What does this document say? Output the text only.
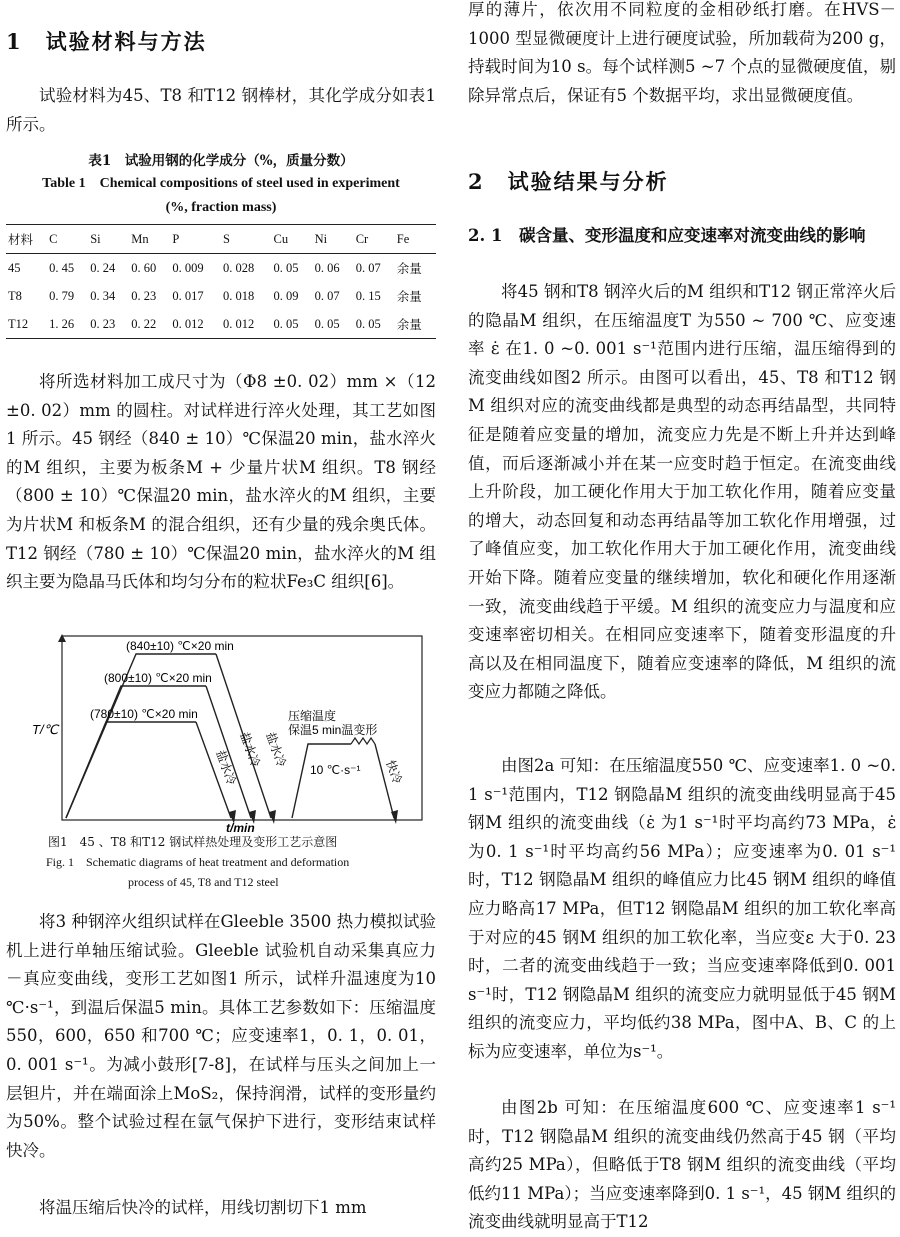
1　试验材料与方法

试验材料为45、T8 和T12 钢棒材，其化学成分如表1 所示。

表1　试验用钢的化学成分（%，质量分数）

Table 1　Chemical compositions of steel used in experiment

(%, fraction mass)

材料	C	Si	Mn	P	S	Cu	Ni	Cr	Fe
45	0. 45	0. 24	0. 60	0. 009	0. 028	0. 05	0. 06	0. 07	余量
T8	0. 79	0. 34	0. 23	0. 017	0. 018	0. 09	0. 07	0. 15	余量
T12	1. 26	0. 23	0. 22	0. 012	0. 012	0. 05	0. 05	0. 05	余量

将所选材料加工成尺寸为（Φ8 ±0. 02）mm ×（12 ±0. 02）mm 的圆柱。对试样进行淬火处理，其工艺如图1 所示。45 钢经（840 ± 10）℃保温20 min，盐水淬火的M 组织，主要为板条M + 少量片状M 组织。T8 钢经（800 ± 10）℃保温20 min，盐水淬火的M 组织，主要为片状M 和板条M 的混合组织，还有少量的残余奥氏体。T12 钢经（780 ± 10）℃保温20 min，盐水淬火的M 组织主要为隐晶马氏体和均匀分布的粒状Fe₃C 组织[6]。

(840±10) ℃×20 min
(800±10) ℃×20 min
(780±10) ℃×20 min
T/℃
t/min
压缩温度
保温5 min温变形
10 ℃·s⁻¹
盐水冷
盐水冷 盐水冷
快冷

图1　45 、T8 和T12 钢试样热处理及变形工艺示意图

Fig. 1　Schematic diagrams of heat treatment and deformation

process of 45, T8 and T12 steel

将3 种钢淬火组织试样在Gleeble 3500 热力模拟试验机上进行单轴压缩试验。Gleeble 试验机自动采集真应力－真应变曲线，变形工艺如图1 所示，试样升温速度为10 ℃·s⁻¹，到温后保温5 min。具体工艺参数如下：压缩温度550，600，650 和700 ℃；应变速率1，0. 1，0. 01，0. 001 s⁻¹。为减小鼓形[7-8]，在试样与压头之间加上一层钽片，并在端面涂上MoS₂，保持润滑，试样的变形量约为50%。整个试验过程在氩气保护下进行，变形结束试样快冷。

将温压缩后快冷的试样，用线切割切下1 mm

厚的薄片，依次用不同粒度的金相砂纸打磨。在HVS－1000 型显微硬度计上进行硬度试验，所加载荷为200 g，持载时间为10 s。每个试样测5 ~7 个点的显微硬度值，剔除异常点后，保证有5 个数据平均，求出显微硬度值。

2　试验结果与分析

2. 1　碳含量、变形温度和应变速率对流变曲线的影响

将45 钢和T8 钢淬火后的M 组织和T12 钢正常淬火后的隐晶M 组织，在压缩温度T 为550 ~ 700 ℃、应变速率 ε̇ 在1. 0 ~0. 001 s⁻¹范围内进行压缩，温压缩得到的流变曲线如图2 所示。由图可以看出，45、T8 和T12 钢M 组织对应的流变曲线都是典型的动态再结晶型，共同特征是随着应变量的增加，流变应力先是不断上升并达到峰值，而后逐渐减小并在某一应变时趋于恒定。在流变曲线上升阶段，加工硬化作用大于加工软化作用，随着应变量的增大，动态回复和动态再结晶等加工软化作用增强，过了峰值应变，加工软化作用大于加工硬化作用，流变曲线开始下降。随着应变量的继续增加，软化和硬化作用逐渐一致，流变曲线趋于平缓。M 组织的流变应力与温度和应变速率密切相关。在相同应变速率下，随着变形温度的升高以及在相同温度下，随着应变速率的降低，M 组织的流变应力都随之降低。

由图2a 可知：在压缩温度550 ℃、应变速率1. 0 ~0. 1 s⁻¹范围内，T12 钢隐晶M 组织的流变曲线明显高于45 钢M 组织的流变曲线（ε̇ 为1 s⁻¹时平均高约73 MPa，ε̇ 为0. 1 s⁻¹时平均高约56 MPa）；应变速率为0. 01 s⁻¹时，T12 钢隐晶M 组织的峰值应力比45 钢M 组织的峰值应力略高17 MPa，但T12 钢隐晶M 组织的加工软化率高于对应的45 钢M 组织的加工软化率，当应变ε 大于0. 23 时，二者的流变曲线趋于一致；当应变速率降低到0. 001 s⁻¹时，T12 钢隐晶M 组织的流变应力就明显低于45 钢M 组织的流变应力，平均低约38 MPa，图中A、B、C 的上标为应变速率，单位为s⁻¹。

由图2b 可知：在压缩温度600 ℃、应变速率1 s⁻¹时，T12 钢隐晶M 组织的流变曲线仍然高于45 钢（平均高约25 MPa），但略低于T8 钢M 组织的流变曲线（平均低约11 MPa）；当应变速率降到0. 1 s⁻¹，45 钢M 组织的流变曲线就明显高于T12
